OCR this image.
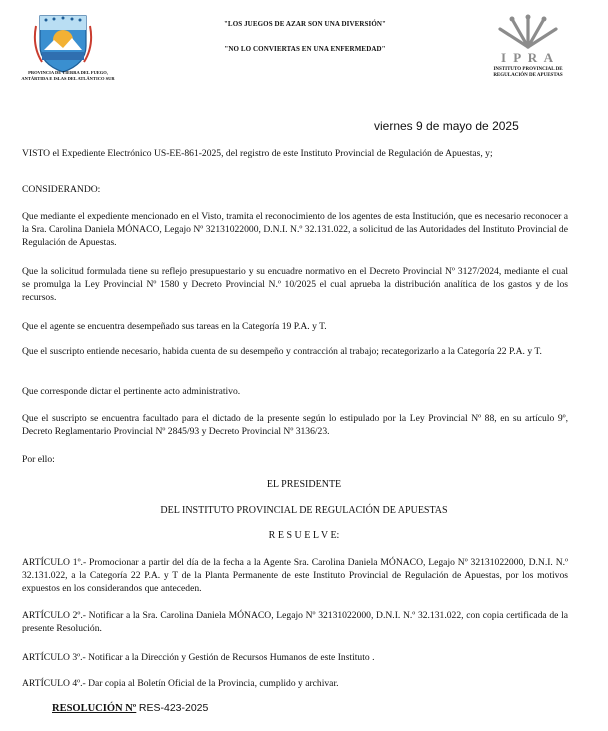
PROVINCIA DE TIERRA DEL FUEGO, ANTÁRTIDA E ISLAS DEL ATLÁNTICO SUR
"LOS JUEGOS DE AZAR SON UNA DIVERSIÓN"
"NO LO CONVIERTAS EN UNA ENFERMEDAD"
I P R A
INSTITUTO PROVINCIAL DE REGULACIÓN DE APUESTAS
viernes 9 de mayo de 2025

VISTO el Expediente Electrónico US-EE-861-2025, del registro de este Instituto Provincial de Regulación de Apuestas, y;

CONSIDERANDO:

Que mediante el expediente mencionado en el Visto, tramita el reconocimiento de los agentes de esta Institución, que es necesario reconocer a la Sra. Carolina Daniela MÓNACO, Legajo Nº 32131022000, D.N.I. N.º 32.131.022, a solicitud de las Autoridades del Instituto Provincial de Regulación de Apuestas.

Que la solicitud formulada tiene su reflejo presupuestario y su encuadre normativo en el Decreto Provincial Nº 3127/2024, mediante el cual se promulga la Ley Provincial Nº 1580 y Decreto Provincial N.º 10/2025 el cual aprueba la distribución analítica de los gastos y de los recursos.

Que el agente se encuentra desempeñado sus tareas en la Categoría 19 P.A. y T.

Que el suscripto entiende necesario, habida cuenta de su desempeño y contracción al trabajo; recategorizarlo a la Categoría 22 P.A. y T.

Que corresponde dictar el pertinente acto administrativo.

Que el suscripto se encuentra facultado para el dictado de la presente según lo estipulado por la Ley Provincial Nº 88, en su artículo 9º, Decreto Reglamentario Provincial Nº 2845/93 y Decreto Provincial Nº 3136/23.

Por ello:

EL PRESIDENTE
DEL INSTITUTO PROVINCIAL DE REGULACIÓN DE APUESTAS
R E S U E L V E:

ARTÍCULO 1º.- Promocionar a partir del día de la fecha a la Agente Sra. Carolina Daniela MÓNACO, Legajo Nº 32131022000, D.N.I. N.º 32.131.022, a la Categoría 22 P.A. y T de la Planta Permanente de este Instituto Provincial de Regulación de Apuestas, por los motivos expuestos en los considerandos que anteceden.

ARTÍCULO 2º.- Notificar a la Sra. Carolina Daniela MÓNACO, Legajo Nº 32131022000, D.N.I. N.º 32.131.022, con copia certificada de la presente Resolución.

ARTÍCULO 3º.- Notificar a la Dirección y Gestión de Recursos Humanos de este Instituto .

ARTÍCULO 4º.- Dar copia al Boletín Oficial de la Provincia, cumplido y archivar.

RESOLUCIÓN Nº RES-423-2025
